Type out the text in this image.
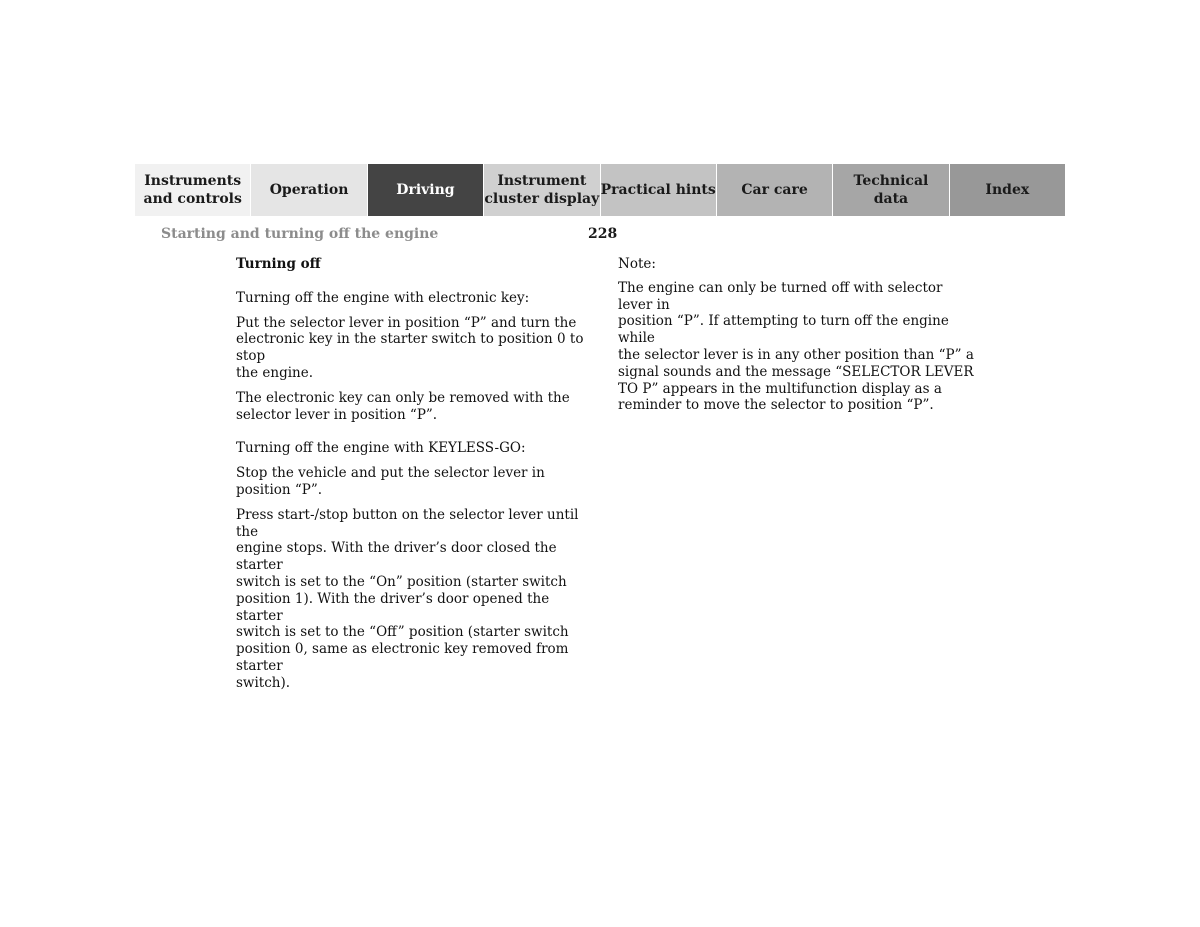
Instruments
and controls
Operation	Driving
Instrument
cluster display
Practical hints	Car care
Technical
data
Index
Starting and turning off the engine	228

Turning off

Turning off the engine with electronic key:

Put the selector lever in position “P” and turn the
electronic key in the starter switch to position 0 to stop
the engine.

The electronic key can only be removed with the
selector lever in position “P”.

Turning off the engine with KEYLESS-GO:

Stop the vehicle and put the selector lever in
position “P”.

Press start-/stop button on the selector lever until the
engine stops. With the driver’s door closed the starter
switch is set to the “On” position (starter switch
position 1). With the driver’s door opened the starter
switch is set to the “Off” position (starter switch
position 0, same as electronic key removed from starter
switch).

Note:

The engine can only be turned off with selector lever in
position “P”. If attempting to turn off the engine while
the selector lever is in any other position than “P” a
signal sounds and the message “SELECTOR LEVER
TO P” appears in the multifunction display as a
reminder to move the selector to position “P”.
